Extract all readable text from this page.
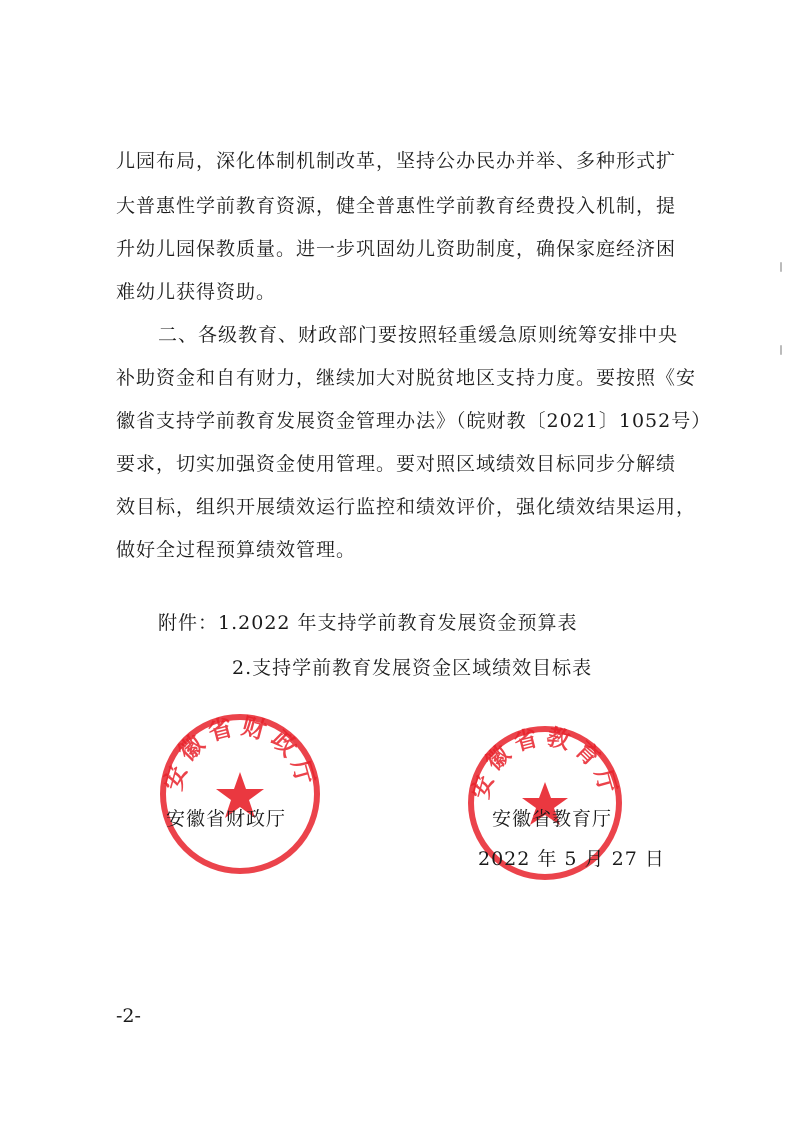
儿园布局，深化体制机制改革，坚持公办民办并举、多种形式扩

大普惠性学前教育资源，健全普惠性学前教育经费投入机制，提

升幼儿园保教质量。进一步巩固幼儿资助制度，确保家庭经济困

难幼儿获得资助。

二、各级教育、财政部门要按照轻重缓急原则统筹安排中央

补助资金和自有财力，继续加大对脱贫地区支持力度。要按照《安

徽省支持学前教育发展资金管理办法》（皖财教〔2021〕1052号）

要求，切实加强资金使用管理。要对照区域绩效目标同步分解绩

效目标，组织开展绩效运行监控和绩效评价，强化绩效结果运用，

做好全过程预算绩效管理。

附件：1.2022 年支持学前教育发展资金预算表

2.支持学前教育发展资金区域绩效目标表

安徽省财政厅	安徽省教育厅
安徽省财政厅	安徽省教育厅
2022 年 5 月 27 日
-2-
